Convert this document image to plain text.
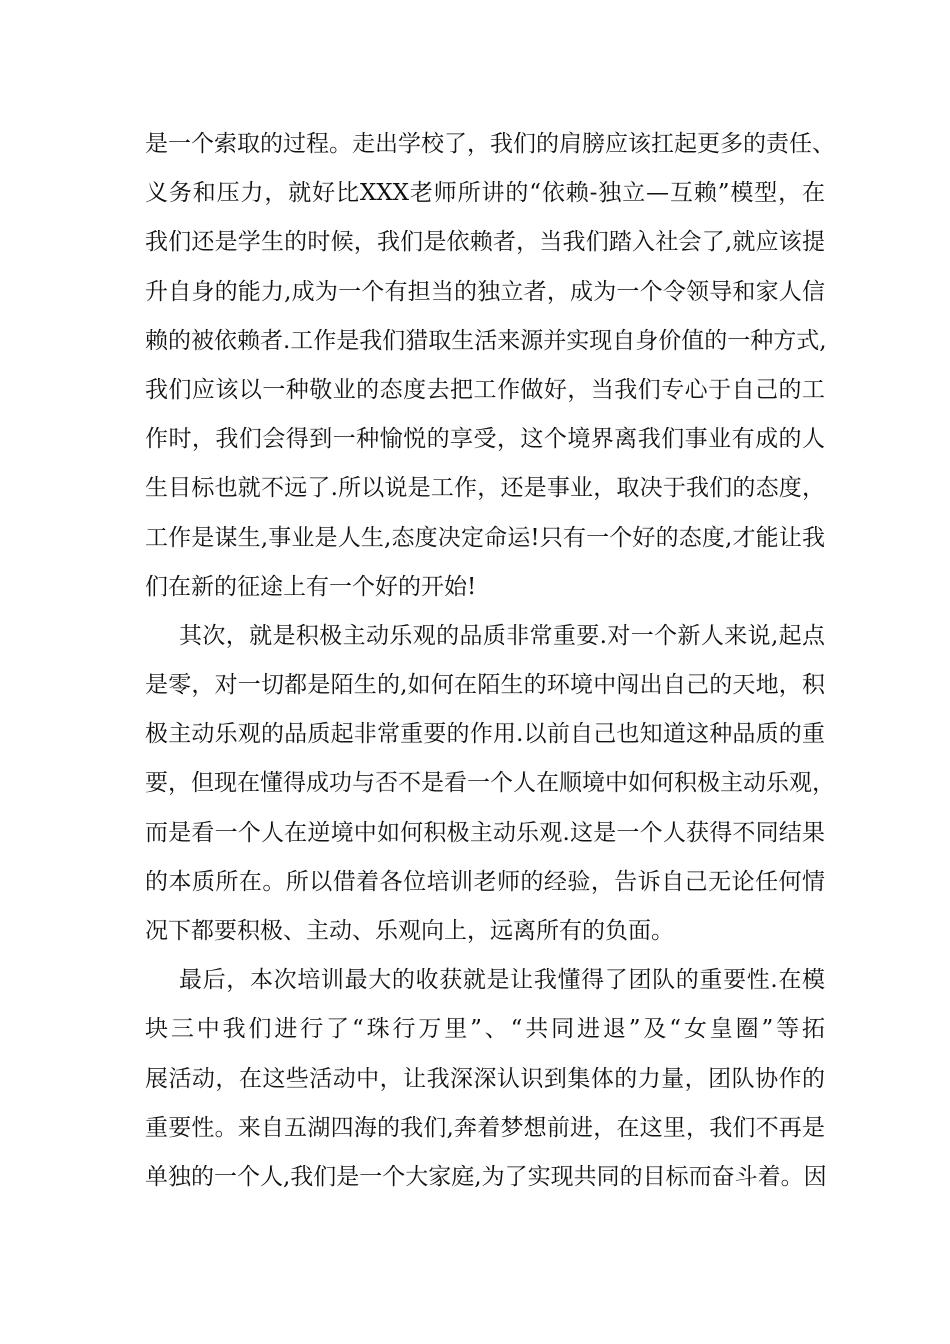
是一个索取的过程。走出学校了，我们的肩膀应该扛起更多的责任、
义务和压力，就好比XXX老师所讲的“依赖-独立—互赖”模型，在
我们还是学生的时候，我们是依赖者，当我们踏入社会了,就应该提
升自身的能力,成为一个有担当的独立者，成为一个令领导和家人信
赖的被依赖者.工作是我们猎取生活来源并实现自身价值的一种方式,
我们应该以一种敬业的态度去把工作做好，当我们专心于自己的工
作时，我们会得到一种愉悦的享受，这个境界离我们事业有成的人
生目标也就不远了.所以说是工作，还是事业，取决于我们的态度，
工作是谋生,事业是人生,态度决定命运!只有一个好的态度,才能让我
们在新的征途上有一个好的开始!
其次，就是积极主动乐观的品质非常重要.对一个新人来说,起点
是零，对一切都是陌生的,如何在陌生的环境中闯出自己的天地，积
极主动乐观的品质起非常重要的作用.以前自己也知道这种品质的重
要，但现在懂得成功与否不是看一个人在顺境中如何积极主动乐观，
而是看一个人在逆境中如何积极主动乐观.这是一个人获得不同结果
的本质所在。所以借着各位培训老师的经验，告诉自己无论任何情
况下都要积极、主动、乐观向上，远离所有的负面。
最后，本次培训最大的收获就是让我懂得了团队的重要性.在模
块三中我们进行了“珠行万里”、“共同进退”及“女皇圈”等拓
展活动，在这些活动中，让我深深认识到集体的力量，团队协作的
重要性。来自五湖四海的我们,奔着梦想前进，在这里，我们不再是
单独的一个人,我们是一个大家庭,为了实现共同的目标而奋斗着。因
